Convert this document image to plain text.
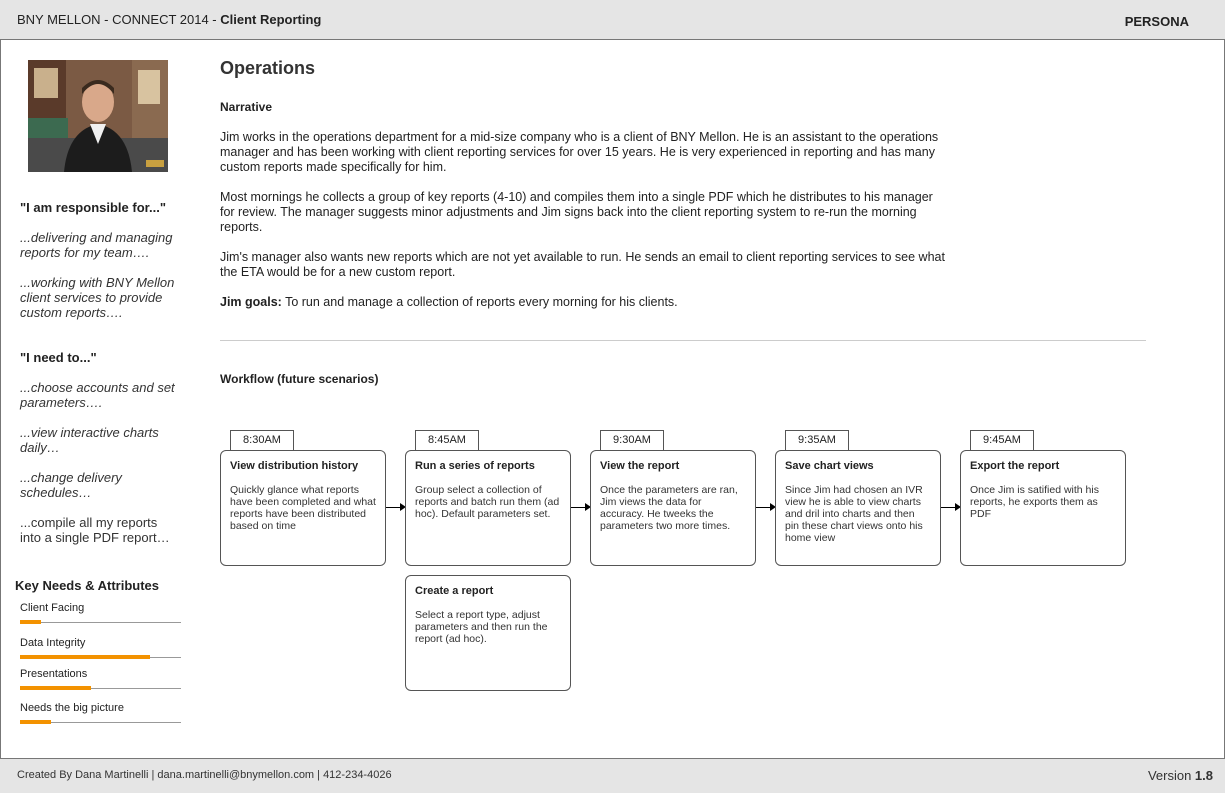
BNY MELLON - CONNECT 2014 - Client Reporting	PERSONA
"I am responsible for..."
...delivering and managing reports for my team….
...working with BNY Mellon client services to provide custom reports….
"I need to..."
...choose accounts and set parameters….
...view interactive charts daily…
...change delivery schedules…
...compile all my reports into a single PDF report…
Key Needs & Attributes
Client Facing
Data Integrity
Presentations
Needs the big picture
Operations
Narrative
Jim works in the operations department for a mid-size company who is a client of BNY Mellon. He is an assistant to the operations manager and has been working with client reporting services for over 15 years. He is very experienced in reporting and has many custom reports made specifically for him.
Most mornings he collects a group of key reports (4-10) and compiles them into a single PDF which he distributes to his manager for review. The manager suggests minor adjustments and Jim signs back into the client reporting system to re-run the morning reports.
Jim's manager also wants new reports which are not yet available to run. He sends an email to client reporting services to see what the ETA would be for a new custom report.
Jim goals: To run and manage a collection of reports every morning for his clients.
Workflow (future scenarios)
8:30AM
View distribution history
Quickly glance what reports have been completed and what reports have been distributed based on time
8:45AM
Run a series of reports
Group select a collection of reports and batch run them (ad hoc). Default parameters set.
9:30AM
View the report
Once the parameters are ran, Jim views the data for accuracy. He tweeks the parameters two more times.
9:35AM
Save chart views
Since Jim had chosen an IVR view he is able to view charts and dril into charts and then pin these chart views onto his home view
9:45AM
Export the report
Once Jim is satified with his reports, he exports them as PDF
Create a report
Select a report type, adjust parameters and then run the report (ad hoc).
Created By Dana Martinelli | dana.martinelli@bnymellon.com | 412-234-4026	Version 1.8
